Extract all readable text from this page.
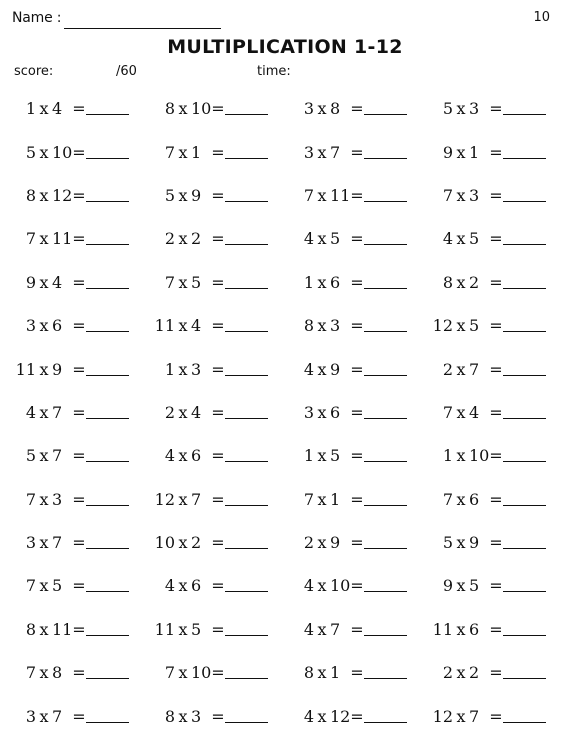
Name :	10
MULTIPLICATION 1-12
score:	/60	time:
1 x 4 =	8 x 10 =	3 x 8 =	5 x 3 =
5 x 10 =	7 x 1 =	3 x 7 =	9 x 1 =
8 x 12 =	5 x 9 =	7 x 11 =	7 x 3 =
7 x 11 =	2 x 2 =	4 x 5 =	4 x 5 =
9 x 4 =	7 x 5 =	1 x 6 =	8 x 2 =
3 x 6 =	11 x 4 =	8 x 3 =	12 x 5 =
11 x 9 =	1 x 3 =	4 x 9 =	2 x 7 =
4 x 7 =	2 x 4 =	3 x 6 =	7 x 4 =
5 x 7 =	4 x 6 =	1 x 5 =	1 x 10 =
7 x 3 =	12 x 7 =	7 x 1 =	7 x 6 =
3 x 7 =	10 x 2 =	2 x 9 =	5 x 9 =
7 x 5 =	4 x 6 =	4 x 10 =	9 x 5 =
8 x 11 =	11 x 5 =	4 x 7 =	11 x 6 =
7 x 8 =	7 x 10 =	8 x 1 =	2 x 2 =
3 x 7 =	8 x 3 =	4 x 12 =	12 x 7 =
